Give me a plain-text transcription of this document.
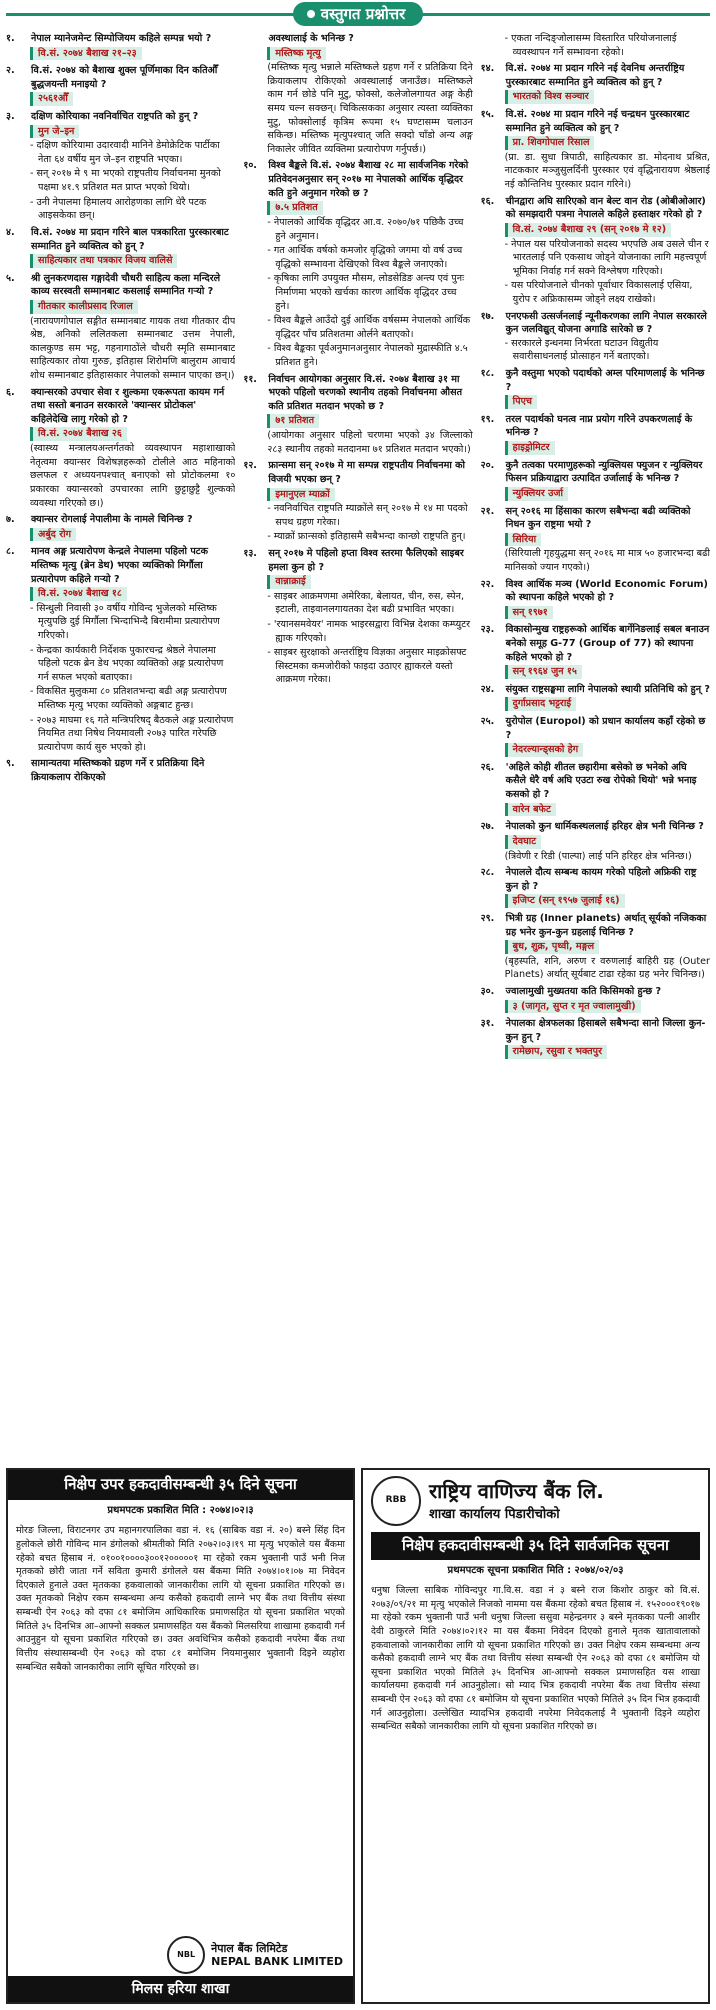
वस्तुगत प्रश्नोत्तर
१.	नेपाल म्यानेजमेन्ट सिम्पोजियम कहिले सम्पन्न भयो ?
वि.सं. २०७४ बैशाख २१–२३
२.	वि.सं. २०७४ को बैशाख शुक्ल पूर्णिमाका दिन कतिऔँ बुद्धजयन्ती मनाइयो ?
२५६१औँ
३.	दक्षिण कोरियाका नवनिर्वाचित राष्ट्रपति को हुन् ?
मुन जे–इन
- दक्षिण कोरियामा उदारवादी मानिने डेमोक्रेटिक पार्टीका नेता ६४ वर्षीय मुन जे–इन राष्ट्रपति भएका।
- सन् २०१७ मे ९ मा भएको राष्ट्रपतीय निर्वाचनमा मुनको पक्षमा ४१.९ प्रतिशत मत प्राप्त भएको थियो।
- उनी नेपालमा हिमालय आरोहणका लागि धेरै पटक आइसकेका छन्।
४.	वि.सं. २०७४ मा प्रदान गरिने बाल पत्रकारिता पुरस्कारबाट सम्मानित हुने व्यक्तित्व को हुन् ?
साहित्यकार तथा पत्रकार विजय वालिसे
५.	श्री लुनकरणदास गङ्गादेवी चौधरी साहित्य कला मन्दिरले काव्य सरस्वती सम्मानबाट कसलाई सम्मानित गर्‍यो ?
गीतकार कालीप्रसाद रिजाल
(नारायणगोपाल सङ्गीत सम्मानबाट गायक तथा गीतकार दीप श्रेष्ठ, अनिको ललितकला सम्मानबाट उत्तम नेपाली, कालकुण्ड सम भट्ट, गहनागाठोंले चौधरी स्मृति सम्मानबाट साहित्यकार तोया गुरुङ, इतिहास शिरोमणि बालुराम आचार्य शोध सम्मानबाट इतिहासकार नेपालको सम्मान पाएका छन्।)
६.	क्यान्सरको उपचार सेवा र शुल्कमा एकरूपता कायम गर्न तथा सस्तो बनाउन सरकारले 'क्यान्सर प्रोटोकल' कहिलेदेखि लागु गरेको हो ?
वि.सं. २०७४ बैशाख २६
(स्वास्थ्य मन्त्रालयअन्तर्गतको व्यवस्थापन महाशाखाको नेतृत्वमा क्यान्सर विशेषज्ञहरूको टोलीले आठ महिनाको छलफल र अध्ययनपश्चात् बनाएको सो प्रोटोकलमा १० प्रकारका क्यान्सरको उपचारका लागि छुट्टाछुट्टै शुल्कको व्यवस्था गरिएको छ।)
७.	क्यान्सर रोगलाई नेपालीमा के नामले चिनिन्छ ?
अर्बुद रोग
८.	मानव अङ्ग प्रत्यारोपण केन्द्रले नेपालमा पहिलो पटक मस्तिष्क मृत्यु (ब्रेन डेथ) भएका व्यक्तिको मिर्गौला प्रत्यारोपण कहिले गर्‍यो ?
वि.सं. २०७४ बैशाख १८
- सिन्धुली निवासी ३० वर्षीय गोविन्द भुजेलको मस्तिष्क मृत्युपछि दुई मिर्गौला भिन्दाभिन्दै बिरामीमा प्रत्यारोपण गरिएको।
- केन्द्रका कार्यकारी निर्देशक पुकारचन्द्र श्रेष्ठले नेपालमा पहिलो पटक ब्रेन डेथ भएका व्यक्तिको अङ्ग प्रत्यारोपण गर्न सफल भएको बताएका।
- विकसित मुलुकमा ८० प्रतिशतभन्दा बढी अङ्ग प्रत्यारोपण मस्तिष्क मृत्यु भएका व्यक्तिको अङ्गबाट हुन्छ।
- २०७३ माघमा १६ गते मन्त्रिपरिषद्‌ बैठकले अङ्ग प्रत्यारोपण नियमित तथा निषेध नियमावली २०७३ पारित गरेपछि प्रत्यारोपण कार्य सुरु भएको हो।
९.	सामान्यतया मस्तिष्कको ग्रहण गर्ने र प्रतिक्रिया दिने क्रियाकलाप रोकिएको
अवस्थालाई के भनिन्छ ?
मस्तिष्क मृत्यु
(मस्तिष्क मृत्यु भन्नाले मस्तिष्कले ग्रहण गर्ने र प्रतिक्रिया दिने क्रियाकलाप रोकिएको अवस्थालाई जनाउँछ। मस्तिष्कले काम गर्न छोडे पनि मुटु, फोक्सो, कलेजोलगायत अङ्ग केही समय चल्न सक्छन्। चिकित्सकका अनुसार त्यस्ता व्यक्तिका मुटु, फोक्सोलाई कृत्रिम रूपमा १५ घण्टासम्म चलाउन सकिन्छ। मस्तिष्क मृत्युपश्चात् जति सक्दो चाँडो अन्य अङ्ग निकालेर जीवित व्यक्तिमा प्रत्यारोपण गर्नुपर्छ।)
१०.	विश्व बैङ्कले वि.सं. २०७४ बैशाख २८ मा सार्वजनिक गरेको प्रतिवेदनअनुसार सन् २०१७ मा नेपालको आर्थिक वृद्धिदर कति हुने अनुमान गरेको छ ?
७.५ प्रतिशत
- नेपालको आर्थिक वृद्धिदर आ.व. २०७०/७१ पछिकै उच्च हुने अनुमान।
- गत आर्थिक वर्षको कमजोर वृद्धिको जगमा यो वर्ष उच्च वृद्धिको सम्भावना देखिएको विश्व बैङ्कले जनाएको।
- कृषिका लागि उपयुक्त मौसम, लोडसेडिङ अन्त्य एवं पुनः निर्माणमा भएको खर्चका कारण आर्थिक वृद्धिदर उच्च हुने।
- विश्व बैङ्कले आउँदो दुई आर्थिक वर्षसम्म नेपालको आर्थिक वृद्धिदर पाँच प्रतिशतमा ओर्लने बताएको।
- विश्व बैङ्कका पूर्वअनुमानअनुसार नेपालको मुद्रास्फीति ४.५ प्रतिशत हुने।
११.	निर्वाचन आयोगका अनुसार वि.सं. २०७४ बैशाख ३१ मा भएको पहिलो चरणको स्थानीय तहको निर्वाचनमा औसत कति प्रतिशत मतदान भएको छ ?
७१ प्रतिशत
(आयोगका अनुसार पहिलो चरणमा भएको ३४ जिल्लाको २८३ स्थानीय तहको मतदानमा ७१ प्रतिशत मतदान भएको।)
१२.	फ्रान्समा सन् २०१७ मे मा सम्पन्न राष्ट्रपतीय निर्वाचनमा को विजयी भएका छन् ?
इमानुएल म्याक्रों
- नवनिर्वाचित राष्ट्रपति म्याक्रोंले सन् २०१७ मे १४ मा पदको सपथ ग्रहण गरेका।
- म्याक्रों फ्रान्सको इतिहासमै सबैभन्दा कान्छो राष्ट्रपति हुन्।
१३.	सन् २०१७ मे पहिलो हप्ता विश्व स्तरमा फैलिएको साइबर हमला कुन हो ?
वान्नाक्राई
- साइबर आक्रमणमा अमेरिका, बेलायत, चीन, रुस, स्पेन, इटाली, ताइवानलगायतका देश बढी प्रभावित भएका।
- 'रयानसमवेयर' नामक भाइरसद्वारा विभिन्न देशका कम्प्युटर ह्याक गरिएको।
- साइबर सुरक्षाको अन्तर्राष्ट्रिय विज्ञका अनुसार माइक्रोसफ्ट सिस्टमका कमजोरीको फाइदा उठाएर ह्याकरले यस्तो आक्रमण गरेका।
- एकता नन्दिङ्जोलासम्म विस्तारित परियोजनालाई व्यवस्थापन गर्ने सम्भावना रहेको।
१४.	वि.सं. २०७४ मा प्रदान गरिने नई देवनिध अन्तर्राष्ट्रिय पुरस्कारबाट सम्मानित हुने व्यक्तित्व को हुन् ?
भारतको विश्व सञ्चार
१५.	वि.सं. २०७४ मा प्रदान गरिने नई चन्द्रधन पुरस्कारबाट सम्मानित हुने व्यक्तित्व को हुन् ?
प्रा. शिवगोपाल रिसाल
(प्रा. डा. सुधा त्रिपाठी, साहित्यकार डा. मोदनाथ प्रश्रित, नाटककार मञ्जुसुलर्दिनी पुरस्कार एवं वृद्धिनारायण श्रेष्ठलाई नई कौन्तिनिध पुरस्कार प्रदान गरिने।)
१६.	चीनद्वारा अघि सारिएको वान बेल्ट वान रोड (ओबीओआर) को समझदारी पत्रमा नेपालले कहिले हस्ताक्षर गरेको हो ?
वि.सं. २०७४ बैशाख २९ (सन् २०१७ मे १२)
- नेपाल यस परियोजनाको सदस्य भएपछि अब उसले चीन र भारतलाई पनि एकसाथ जोड्ने योजनाका लागि महत्त्वपूर्ण भूमिका निर्वाह गर्न सक्ने विश्लेषण गरिएको।
- यस परियोजनाले चीनको पूर्वाधार विकासलाई एसिया, युरोप र अफ्रिकासम्म जोड्ने लक्ष्य राखेको।
१७.	एनएफसी उत्सर्जनलाई न्यूनीकरणका लागि नेपाल सरकारले कुन जलविद्युत्‌ योजना अगाडि सारेको छ ?
- सरकारले इन्धनमा निर्भरता घटाउन विद्युतीय सवारीसाधनलाई प्रोत्साहन गर्ने बताएको।
१८.	कुनै वस्तुमा भएको पदार्थको अम्ल परिमाणलाई के भनिन्छ ?
पिएच
१९.	तरल पदार्थको घनत्व नाप्न प्रयोग गरिने उपकरणलाई के भनिन्छ ?
हाइड्रोमिटर
२०.	कुनै तत्वका परमाणुहरूको न्युक्लियस फ्युजन र न्युक्लियर फिसन प्रक्रियाद्वारा उत्पादित उर्जालाई के भनिन्छ ?
न्युक्लियर उर्जा
२१.	सन् २०१६ मा हिंसाका कारण सबैभन्दा बढी व्यक्तिको निधन कुन राष्ट्रमा भयो ?
सिरिया
(सिरियाली गृहयुद्धमा सन् २०१६ मा मात्र ५० हजारभन्दा बढी मानिसको ज्यान गएको।)
२२.	विश्व आर्थिक मञ्च (World Economic Forum) को स्थापना कहिले भएको हो ?
सन् १९७१
२३.	विकासोन्मुख राष्ट्रहरूको आर्थिक बार्गेनिङलाई सबल बनाउन बनेको समूह G-77 (Group of 77) को स्थापना कहिले भएको हो ?
सन् १९६४ जुन १५
२४.	संयुक्त राष्ट्रसङ्घमा लागि नेपालको स्थायी प्रतिनिधि को हुन् ?
दुर्गाप्रसाद भट्टराई
२५.	युरोपोल (Europol) को प्रधान कार्यालय कहाँ रहेको छ ?
नेदरल्यान्ड्सको हेग
२६.	'अहिले कोही शीतल छहारीमा बसेको छ भनेको अघि कसैले धेरै वर्ष अघि एउटा रुख रोपेको थियो' भन्ने भनाइ कसको हो ?
वारेन बफेट
२७.	नेपालको कुन धार्मिकस्थललाई हरिहर क्षेत्र भनी चिनिन्छ ?
देवघाट
(त्रिवेणी र रिडी (पाल्पा) लाई पनि हरिहर क्षेत्र भनिन्छ।)
२८.	नेपालले दौत्य सम्बन्ध कायम गरेको पहिलो अफ्रिकी राष्ट्र कुन हो ?
इजिप्ट (सन् १९५७ जुलाई १६)
२९.	भित्री ग्रह (Inner planets) अर्थात् सूर्यको नजिकका ग्रह भनेर कुन-कुन ग्रहलाई चिनिन्छ ?
बुध, शुक्र, पृथ्वी, मङ्गल
(बृहस्पति, शनि, अरुण र वरुणलाई बाहिरी ग्रह (Outer Planets) अर्थात् सूर्यबाट टाढा रहेका ग्रह भनेर चिनिन्छ।)
३०.	ज्वालामुखी मुख्यतया कति किसिमको हुन्छ ?
३ (जागृत, सुप्त र मृत ज्वालामुखी)
३१.	नेपालका क्षेत्रफलका हिसाबले सबैभन्दा सानो जिल्ला कुन-कुन हुन् ?
रामेछाप, रसुवा र भक्तपुर
निक्षेप उपर हकदावीसम्बन्धी ३५ दिने सूचना
प्रथमपटक प्रकाशित मिति : २०७४।०२।३
मोरङ जिल्ला, विराटनगर उप महानगरपालिका वडा नं. १६ (साबिक वडा नं. २०) बस्ने सिंह दिन हुलोकले छोरी गोविन्द मान डंगोलको श्रीमतीको मिति २०७२।०३।१९ मा मृत्यु भएकोले यस बैंकमा रहेको बचत हिसाब नं. ०१००१००००३००१२०००००१ मा रहेको रकम भुक्तानी पाउँ भनी निज मृतकको छोरी जाता गर्ने सविता कुमारी डंगोलले यस बैंकमा मिति २०७४।०१।०७ मा निवेदन दिएकाले हुनाले उक्त मृतकका हकवालाको जानकारीका लागि यो सूचना प्रकाशित गरिएको छ। उक्त मृतकको निक्षेप रकम सम्बन्धमा अन्य कसैको हकदावी लाग्ने भए बैंक तथा वित्तीय संस्था सम्बन्धी ऐन २०६३ को दफा ८१ बमोजिम आधिकारिक प्रमाणसहित यो सूचना प्रकाशित भएको मितिले ३५ दिनभित्र आ–आफ्नो सक्कल प्रमाणसहित यस बैंकको मिलसरिया शाखामा हकदावी गर्न आउनुहुन यो सूचना प्रकाशित गरिएको छ। उक्त अवधिभित्र कसैको हकदावी नपरेमा बैंक तथा वित्तीय संस्थासम्बन्धी ऐन २०६३ को दफा ८१ बमोजिम नियमानुसार भुक्तानी दिइने व्यहोरा सम्बन्धित सबैको जानकारीका लागि सूचित गरिएको छ।
NBL	नेपाल बैंक लिमिटेड
NEPAL BANK LIMITED
मिलस हरिया शाखा
RBB	राष्ट्रिय वाणिज्य बैंक लि.
शाखा कार्यालय पिडारीचोको
निक्षेप हकदावीसम्बन्धी ३५ दिने सार्वजनिक सूचना
प्रथमपटक सूचना प्रकाशित मिति : २०७४/०२/०३
धनुषा जिल्ला साबिक गोविन्दपुर गा.वि.स. वडा नं ३ बस्ने राज किशोर ठाकुर को वि.सं. २०७३/०९/२१ मा मृत्यु भएकोले निजको नाममा यस बैंकमा रहेको बचत हिसाब नं. १५२०००१९०१७ मा रहेको रकम भुक्तानी पाउँ भनी धनुषा जिल्ला ससुवा महेन्द्रनगर ३ बस्ने मृतकका पत्नी आशीर देवी ठाकुरले मिति २०७४।०२।१२ मा यस बैंकमा निवेदन दिएको हुनाले मृतक खातावालाको हकवालाको जानकारीका लागि यो सूचना प्रकाशित गरिएको छ। उक्त निक्षेप रकम सम्बन्धमा अन्य कसैको हकदावी लाग्ने भए बैंक तथा वित्तीय संस्था सम्बन्धी ऐन २०६३ को दफा ८१ बमोजिम यो सूचना प्रकाशित भएको मितिले ३५ दिनभित्र आ-आफ्नो सक्कल प्रमाणसहित यस शाखा कार्यालयमा हकदावी गर्न आउनुहोला। सो म्याद भित्र हकदावी नपरेमा बैंक तथा वित्तीय संस्था सम्बन्धी ऐन २०६३ को दफा ८१ बमोजिम यो सूचना प्रकाशित भएको मितिले ३५ दिन भित्र हकदावी गर्न आउनुहोला। उल्लेखित म्यादभित्र हकदावी नपरेमा निवेदकलाई नै भुक्तानी दिइने व्यहोरा सम्बन्धित सबैको जानकारीका लागि यो सूचना प्रकाशित गरिएको छ।
